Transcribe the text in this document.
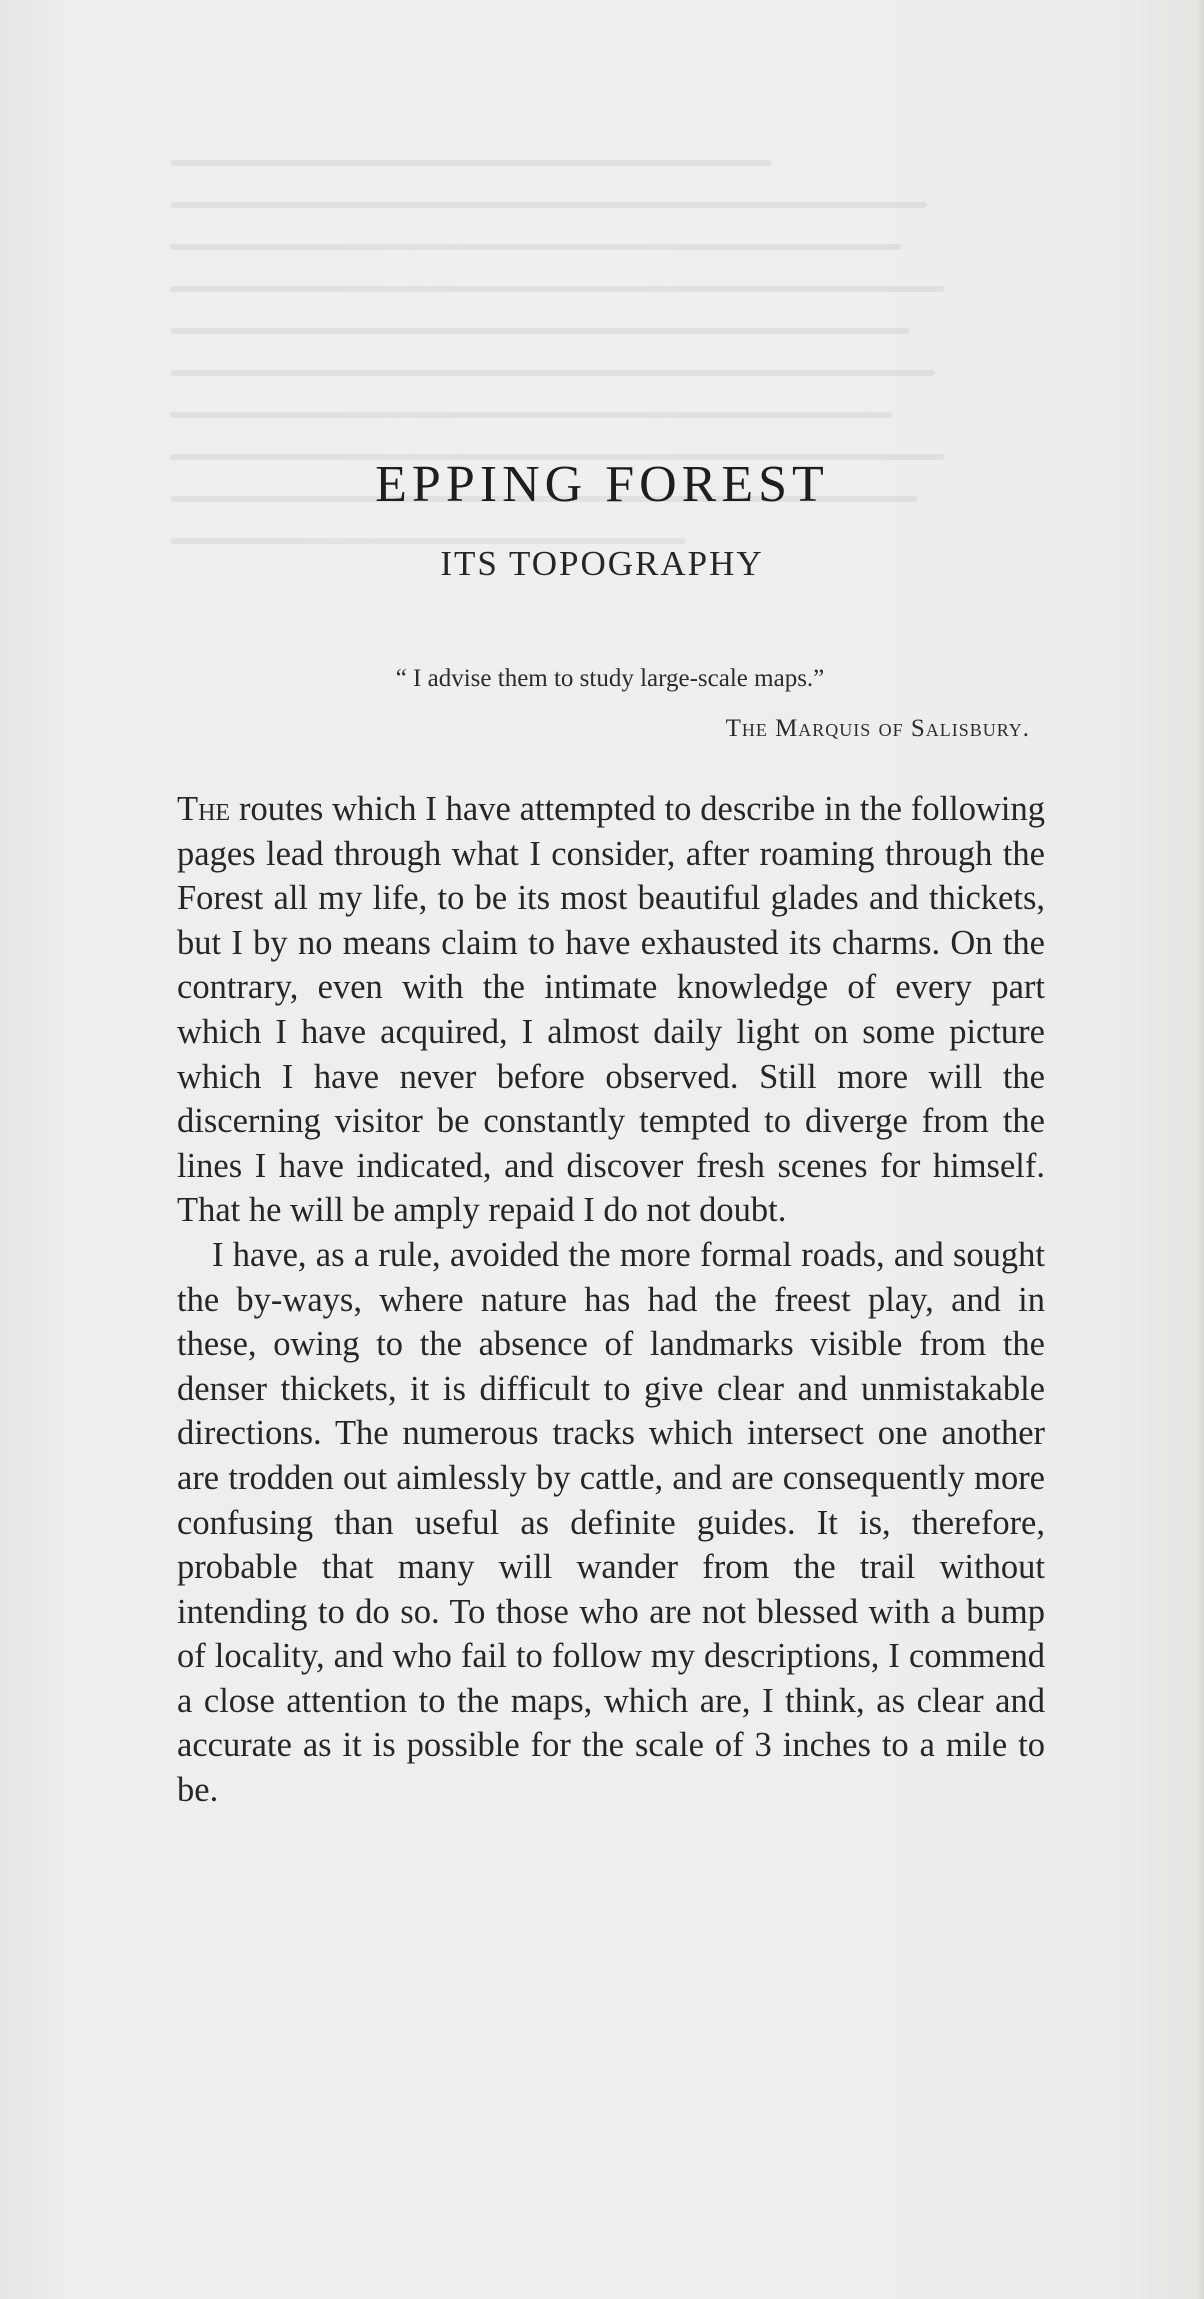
EPPING FOREST
ITS TOPOGRAPHY

“ I advise them to study large-scale maps.”

The Marquis of Salisbury.

The routes which I have attempted to describe in the following pages lead through what I consider, after roaming through the Forest all my life, to be its most beautiful glades and thickets, but I by no means claim to have exhausted its charms. On the contrary, even with the intimate knowledge of every part which I have acquired, I almost daily light on some picture which I have never before observed. Still more will the discerning visitor be constantly tempted to diverge from the lines I have indicated, and discover fresh scenes for himself. That he will be amply repaid I do not doubt.

I have, as a rule, avoided the more formal roads, and sought the by-ways, where nature has had the freest play, and in these, owing to the absence of landmarks visible from the denser thickets, it is difficult to give clear and unmistakable directions. The numerous tracks which intersect one another are trodden out aimlessly by cattle, and are consequently more confusing than useful as definite guides. It is, therefore, probable that many will wander from the trail without intending to do so. To those who are not blessed with a bump of locality, and who fail to follow my descriptions, I commend a close attention to the maps, which are, I think, as clear and accurate as it is possible for the scale of 3 inches to a mile to be.
